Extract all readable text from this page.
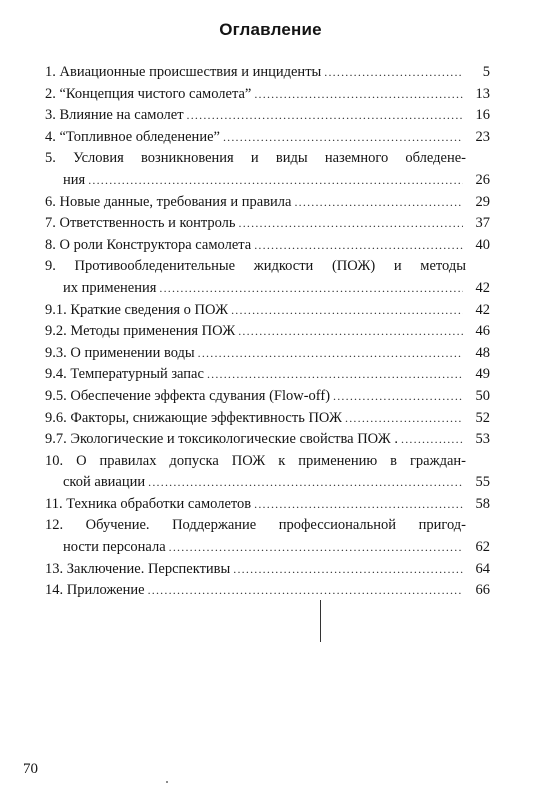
Оглавление
1. Авиационные происшествия и инциденты .....	5
2. “Концепция чистого самолета” .....	13
3. Влияние на самолет .....	16
4. “Топливное обледенение” .....	23
5. Условия возникновения и виды наземного обледене-
ния .....	26
6. Новые данные, требования и правила .....	29
7. Ответственность и контроль .....	37
8. О роли Конструктора самолета .....	40
9. Противообледенительные жидкости (ПОЖ) и методы
их применения .....	42
9.1. Краткие сведения о ПОЖ .....	42
9.2. Методы применения ПОЖ .....	46
9.3. О применении воды .....	48
9.4. Температурный запас .....	49
9.5. Обеспечение эффекта сдувания (Flow-off) .....	50
9.6. Факторы, снижающие эффективность ПОЖ .....	52
9.7. Экологические и токсикологические свойства ПОЖ . .....	53
10. О правилах допуска ПОЖ к применению в граждан-
ской авиации .....	55
11. Техника обработки самолетов .....	58
12. Обучение. Поддержание профессиональной пригод-
ности персонала .....	62
13. Заключение. Перспективы .....	64
14. Приложение .....	66
70
